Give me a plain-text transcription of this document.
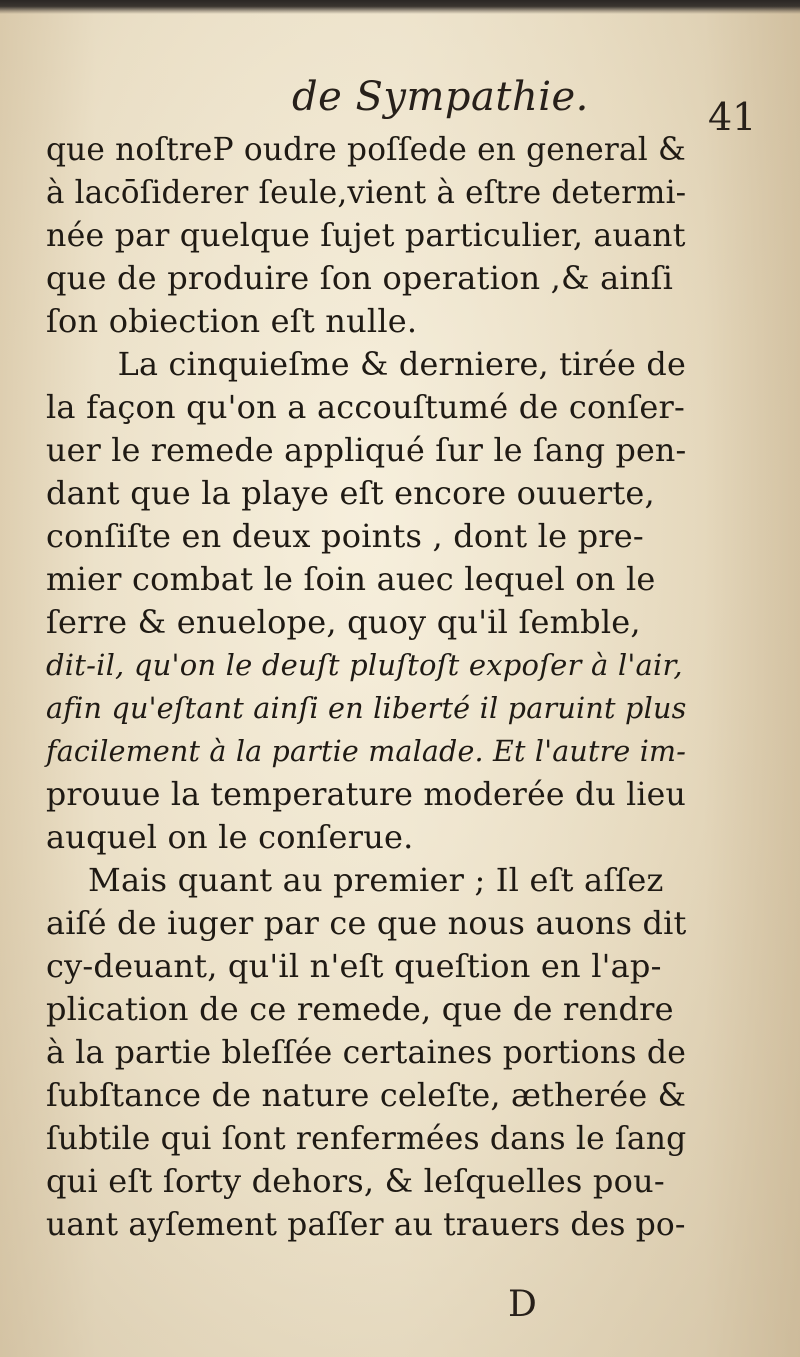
de Sympathie.	41
que noſtreP oudre poſſede en general &
à lacōſiderer ſeule,vient à eſtre determi-
née par quelque ſujet particulier, auant
que de produire ſon operation ,& ainſi
ſon obiection eſt nulle.
La cinquieſme & derniere, tirée de
la façon qu'on a accouſtumé de conſer-
uer le remede appliqué ſur le ſang pen-
dant que la playe eſt encore ouuerte,
conſiſte en deux points , dont le pre-
mier combat le ſoin auec lequel on le
ſerre & enuelope, quoy qu'il ſemble,
dit-il, qu'on le deuſt pluſtoſt expoſer à l'air,
afin qu'eſtant ainſi en liberté il paruint plus
facilement à la partie malade. Et l'autre im-
prouue la temperature moderée du lieu
auquel on le conſerue.
Mais quant au premier ; Il eſt aſſez
aiſé de iuger par ce que nous auons dit
cy-deuant, qu'il n'eſt queſtion en l'ap-
plication de ce remede, que de rendre
à la partie bleſſée certaines portions de
ſubſtance de nature celeſte, ætherée &
ſubtile qui ſont renfermées dans le ſang
qui eſt ſorty dehors, & leſquelles pou-
uant ayſement paſſer au trauers des po-
D
